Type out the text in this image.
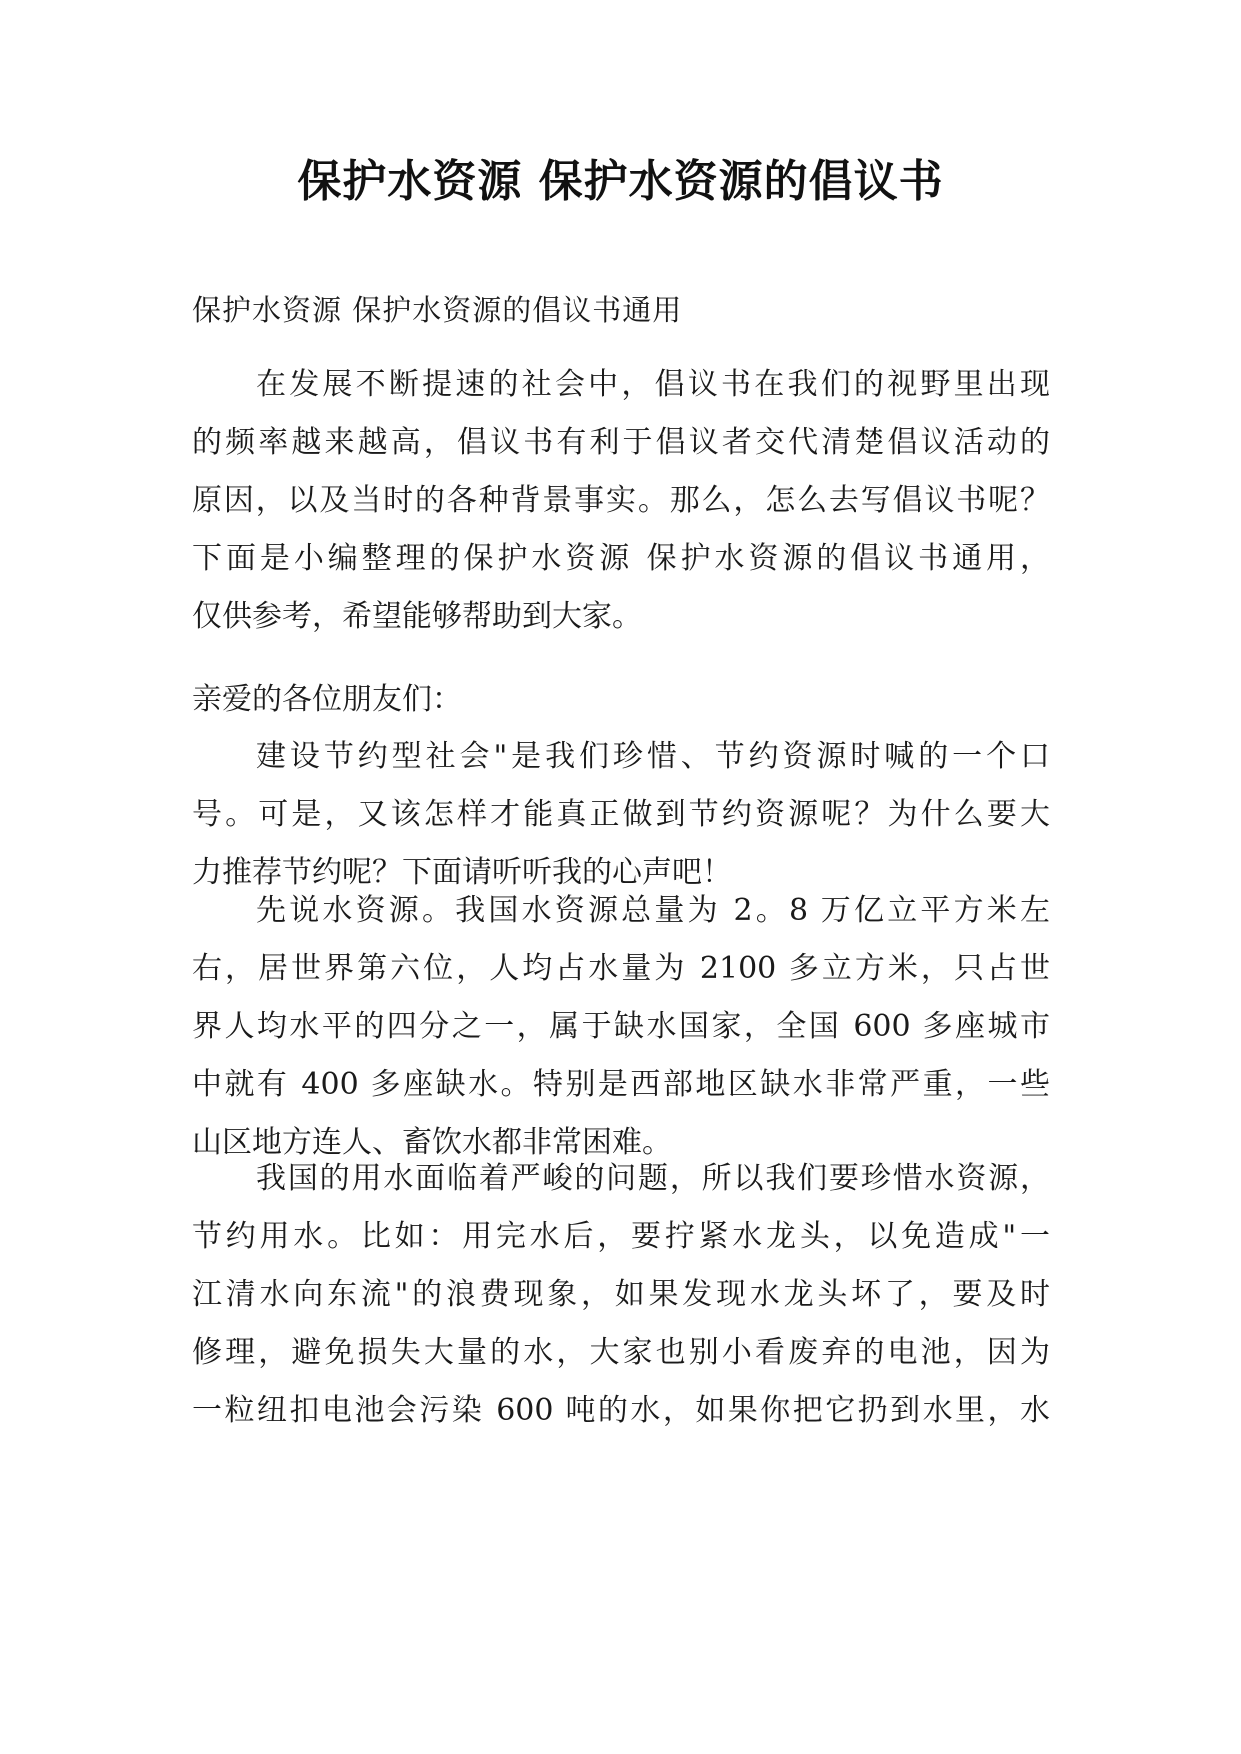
保护水资源 保护水资源的倡议书

保护水资源 保护水资源的倡议书通用

在发展不断提速的社会中，倡议书在我们的视野里出现
的频率越来越高，倡议书有利于倡议者交代清楚倡议活动的
原因，以及当时的各种背景事实。那么，怎么去写倡议书呢？
下面是小编整理的保护水资源 保护水资源的倡议书通用，
仅供参考，希望能够帮助到大家。
亲爱的各位朋友们：
建设节约型社会"是我们珍惜、节约资源时喊的一个口
号。可是，又该怎样才能真正做到节约资源呢？为什么要大
力推荐节约呢？下面请听听我的心声吧！
先说水资源。我国水资源总量为 2。8 万亿立平方米左
右，居世界第六位，人均占水量为 2100 多立方米，只占世
界人均水平的四分之一，属于缺水国家，全国 600 多座城市
中就有 400 多座缺水。特别是西部地区缺水非常严重，一些
山区地方连人、畜饮水都非常困难。
我国的用水面临着严峻的问题，所以我们要珍惜水资源，
节约用水。比如：用完水后，要拧紧水龙头，以免造成"一
江清水向东流"的浪费现象，如果发现水龙头坏了，要及时
修理，避免损失大量的水，大家也别小看废弃的电池，因为
一粒纽扣电池会污染 600 吨的水，如果你把它扔到水里，水
